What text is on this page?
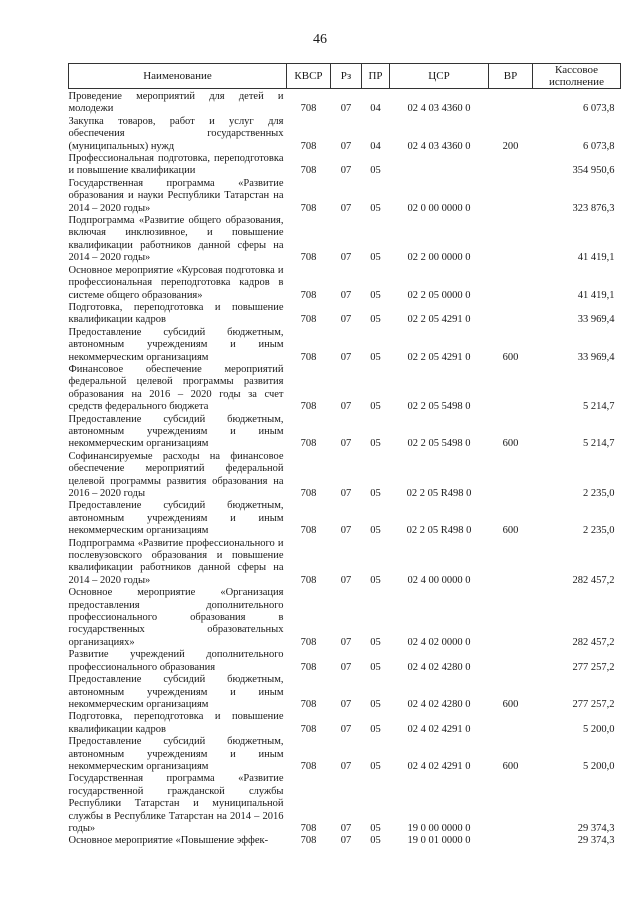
46
Наименование	КВСР	Рз	ПР	ЦСР	ВР	Кассовое исполнение
Проведение мероприятий для детей и молодежи	708	07	04	02 4 03 4360 0		6 073,8
Закупка товаров, работ и услуг для обеспечения государственных (муниципальных) нужд	708	07	04	02 4 03 4360 0	200	6 073,8
Профессиональная подготовка, переподготовка и повышение квалификации	708	07	05			354 950,6
Государственная программа «Развитие образования и науки Республики Татарстан на 2014 – 2020 годы»	708	07	05	02 0 00 0000 0		323 876,3
Подпрограмма «Развитие общего образования, включая инклюзивное, и повышение квалификации работников данной сферы на 2014 – 2020 годы»	708	07	05	02 2 00 0000 0		41 419,1
Основное мероприятие «Курсовая подготовка и профессиональная переподготовка кадров в системе общего образования»	708	07	05	02 2 05 0000 0		41 419,1
Подготовка, переподготовка и повышение квалификации кадров	708	07	05	02 2 05 4291 0		33 969,4
Предоставление субсидий бюджетным, автономным учреждениям и иным некоммерческим организациям	708	07	05	02 2 05 4291 0	600	33 969,4
Финансовое обеспечение мероприятий федеральной целевой программы развития образования на 2016 – 2020 годы за счет средств федерального бюджета	708	07	05	02 2 05 5498 0		5 214,7
Предоставление субсидий бюджетным, автономным учреждениям и иным некоммерческим организациям	708	07	05	02 2 05 5498 0	600	5 214,7
Софинансируемые расходы на финансовое обеспечение мероприятий федеральной целевой программы развития образования на 2016 – 2020 годы	708	07	05	02 2 05 R498 0		2 235,0
Предоставление субсидий бюджетным, автономным учреждениям и иным некоммерческим организациям	708	07	05	02 2 05 R498 0	600	2 235,0
Подпрограмма «Развитие профессионального и послевузовского образования и повышение квалификации работников данной сферы на 2014 – 2020 годы»	708	07	05	02 4 00 0000 0		282 457,2
Основное мероприятие «Организация предоставления дополнительного профессионального образования в государственных образовательных организациях»	708	07	05	02 4 02 0000 0		282 457,2
Развитие учреждений дополнительного профессионального образования	708	07	05	02 4 02 4280 0		277 257,2
Предоставление субсидий бюджетным, автономным учреждениям и иным некоммерческим организациям	708	07	05	02 4 02 4280 0	600	277 257,2
Подготовка, переподготовка и повышение квалификации кадров	708	07	05	02 4 02 4291 0		5 200,0
Предоставление субсидий бюджетным, автономным учреждениям и иным некоммерческим организациям	708	07	05	02 4 02 4291 0	600	5 200,0
Государственная программа «Развитие государственной гражданской службы Республики Татарстан и муниципальной службы в Республике Татарстан на 2014 – 2016 годы»	708	07	05	19 0 00 0000 0		29 374,3
Основное мероприятие «Повышение эффек-	708	07	05	19 0 01 0000 0		29 374,3
